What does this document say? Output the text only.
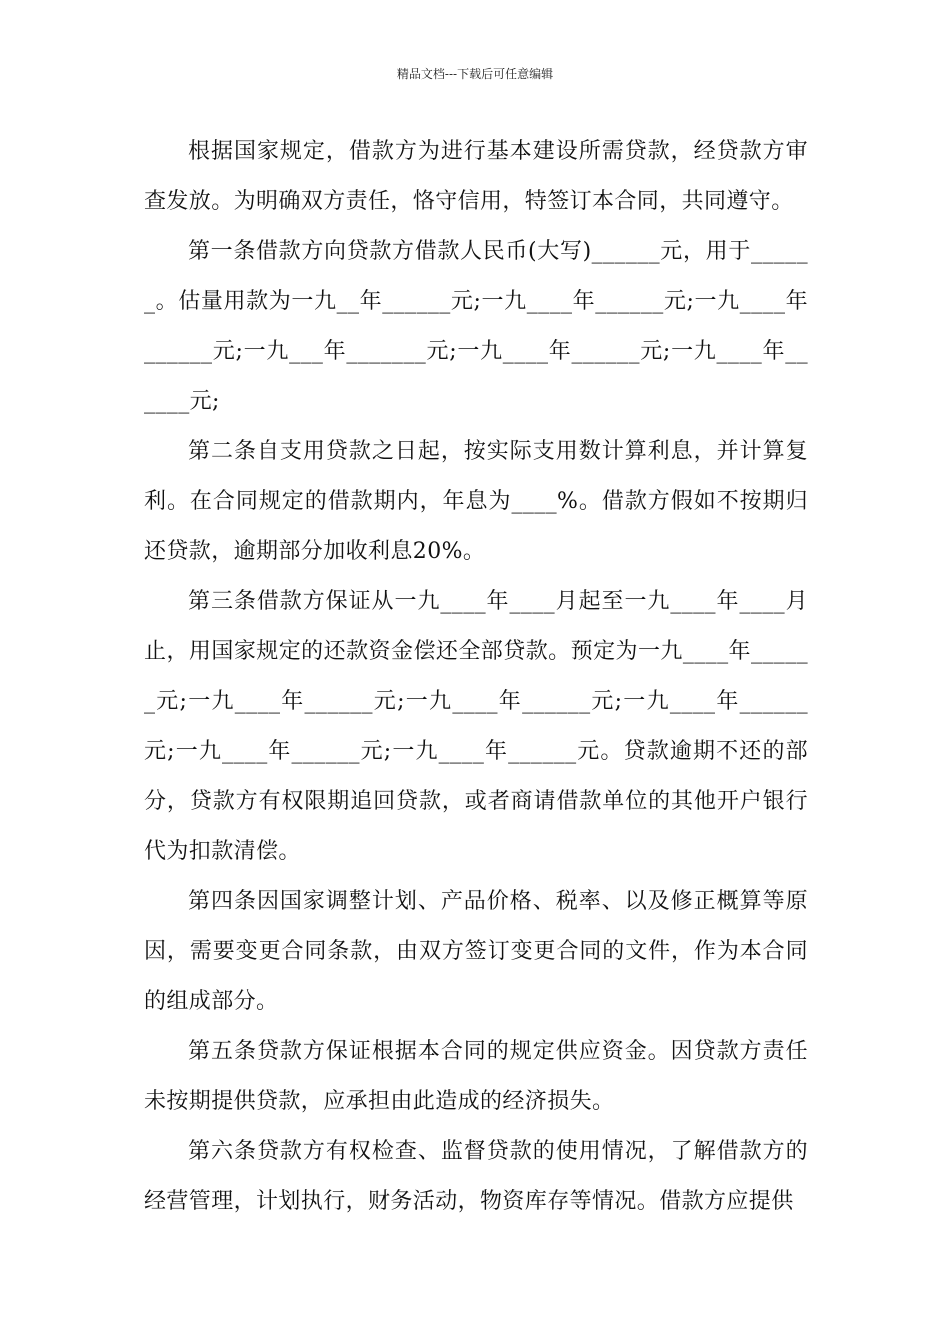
精品文档---下载后可任意编辑

根据国家规定，借款方为进行基本建设所需贷款，经贷款方审查发放。为明确双方责任，恪守信用，特签订本合同，共同遵守。

第一条借款方向贷款方借款人民币(大写)______元，用于______。估量用款为一九__年______元;一九____年______元;一九____年______元;一九___年_______元;一九____年______元;一九____年______元;

第二条自支用贷款之日起，按实际支用数计算利息，并计算复利。在合同规定的借款期内，年息为____%。借款方假如不按期归还贷款，逾期部分加收利息20%。

第三条借款方保证从一九____年____月起至一九____年____月止，用国家规定的还款资金偿还全部贷款。预定为一九____年______元;一九____年______元;一九____年______元;一九____年______元;一九____年______元;一九____年______元。贷款逾期不还的部分，贷款方有权限期追回贷款，或者商请借款单位的其他开户银行代为扣款清偿。

第四条因国家调整计划、产品价格、税率、以及修正概算等原因，需要变更合同条款，由双方签订变更合同的文件，作为本合同的组成部分。

第五条贷款方保证根据本合同的规定供应资金。因贷款方责任未按期提供贷款，应承担由此造成的经济损失。

第六条贷款方有权检查、监督贷款的使用情况，了解借款方的经营管理，计划执行，财务活动，物资库存等情况。借款方应提供
